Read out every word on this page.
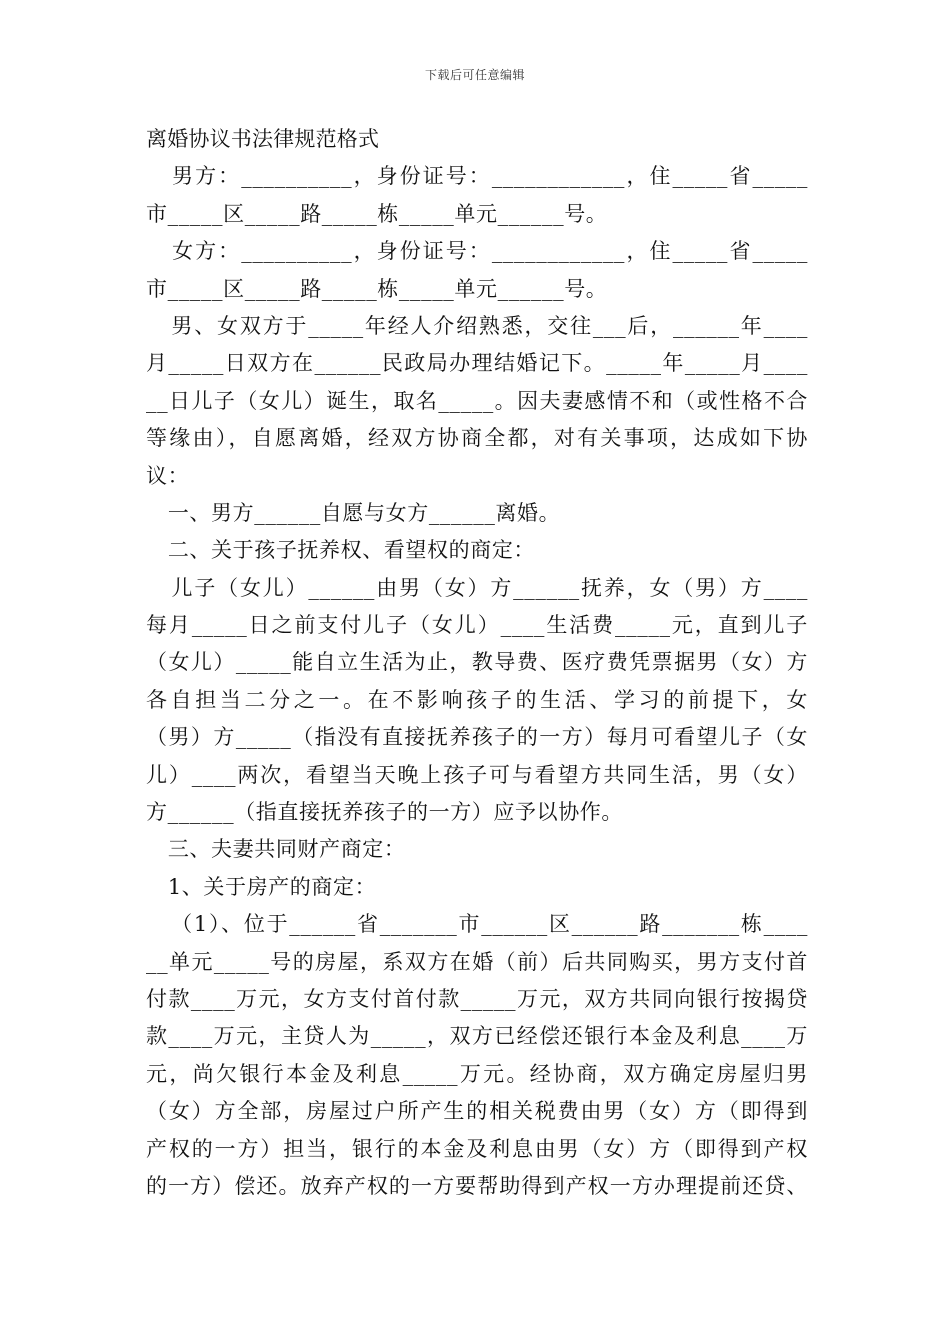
下载后可任意编辑
离婚协议书法律规范格式
男方：__________，身份证号：____________，住_____省_____
市_____区_____路_____栋_____单元______号。
女方：__________，身份证号：____________，住_____省_____
市_____区_____路_____栋_____单元______号。
男、女双方于_____年经人介绍熟悉，交往___后，______年____
月_____日双方在______民政局办理结婚记下。_____年_____月____
__日儿子（女儿）诞生，取名_____。因夫妻感情不和（或性格不合
等缘由），自愿离婚，经双方协商全都，对有关事项，达成如下协
议：
一、男方______自愿与女方______离婚。
二、关于孩子抚养权、看望权的商定：
儿子（女儿）______由男（女）方______抚养，女（男）方____
每月_____日之前支付儿子（女儿）____生活费_____元，直到儿子
（女儿）_____能自立生活为止，教导费、医疗费凭票据男（女）方
各自担当二分之一。在不影响孩子的生活、学习的前提下，女
（男）方_____（指没有直接抚养孩子的一方）每月可看望儿子（女
儿）____两次，看望当天晚上孩子可与看望方共同生活，男（女）
方______（指直接抚养孩子的一方）应予以协作。
三、夫妻共同财产商定：
1、关于房产的商定：
（1）、位于______省_______市______区______路_______栋____
__单元_____号的房屋，系双方在婚（前）后共同购买，男方支付首
付款____万元，女方支付首付款_____万元，双方共同向银行按揭贷
款____万元，主贷人为_____，双方已经偿还银行本金及利息____万
元，尚欠银行本金及利息_____万元。经协商，双方确定房屋归男
（女）方全部，房屋过户所产生的相关税费由男（女）方（即得到
产权的一方）担当，银行的本金及利息由男（女）方（即得到产权
的一方）偿还。放弃产权的一方要帮助得到产权一方办理提前还贷、
